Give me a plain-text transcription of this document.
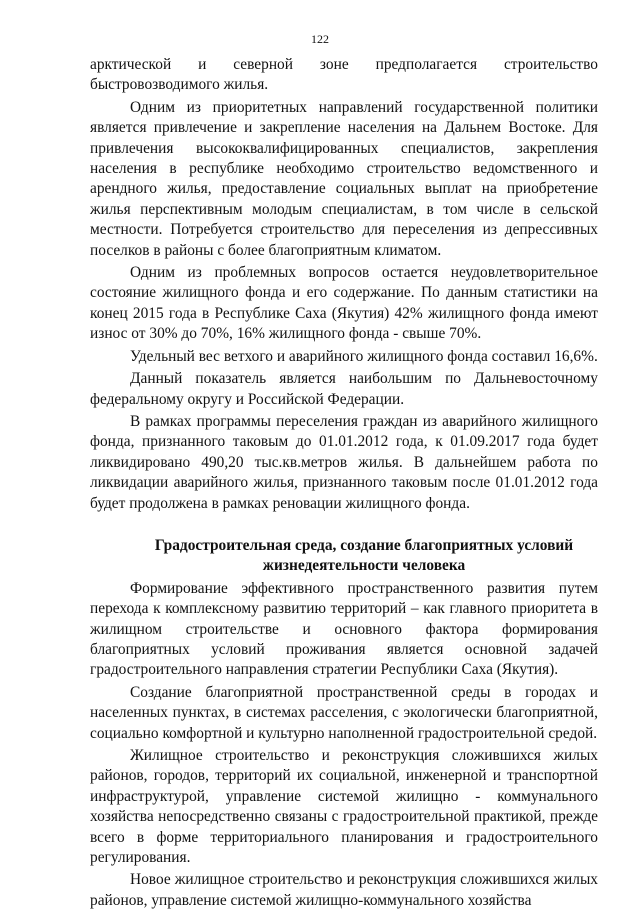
122

арктической и северной зоне предполагается строительство быстровозводимого жилья.

Одним из приоритетных направлений государственной политики является привлечение и закрепление населения на Дальнем Востоке. Для привлечения высококвалифицированных специалистов, закрепления населения в республике необходимо строительство ведомственного и арендного жилья, предоставление социальных выплат на приобретение жилья перспективным молодым специалистам, в том числе в сельской местности. Потребуется строительство для переселения из депрессивных поселков в районы с более благоприятным климатом.

Одним из проблемных вопросов остается неудовлетворительное состояние жилищного фонда и его содержание. По данным статистики на конец 2015 года в Республике Саха (Якутия) 42% жилищного фонда имеют износ от 30% до 70%, 16% жилищного фонда - свыше 70%.

Удельный вес ветхого и аварийного жилищного фонда составил 16,6%.

Данный показатель является наибольшим по Дальневосточному федеральному округу и Российской Федерации.

В рамках программы переселения граждан из аварийного жилищного фонда, признанного таковым до 01.01.2012 года, к 01.09.2017 года будет ликвидировано 490,20 тыс.кв.метров жилья. В дальнейшем работа по ликвидации аварийного жилья, признанного таковым после 01.01.2012 года будет продолжена в рамках реновации жилищного фонда.

Градостроительная среда, создание благоприятных условий жизнедеятельности человека

Формирование эффективного пространственного развития путем перехода к комплексному развитию территорий – как главного приоритета в жилищном строительстве и основного фактора формирования благоприятных условий проживания является основной задачей градостроительного направления стратегии Республики Саха (Якутия).

Создание благоприятной пространственной среды в городах и населенных пунктах, в системах расселения, с экологически благоприятной, социально комфортной и культурно наполненной градостроительной средой.

Жилищное строительство и реконструкция сложившихся жилых районов, городов, территорий их социальной, инженерной и транспортной инфраструктурой, управление системой жилищно - коммунального хозяйства непосредственно связаны с градостроительной практикой, прежде всего в форме территориального планирования и градостроительного регулирования.

Новое жилищное строительство и реконструкция сложившихся жилых районов, управление системой жилищно-коммунального хозяйства
